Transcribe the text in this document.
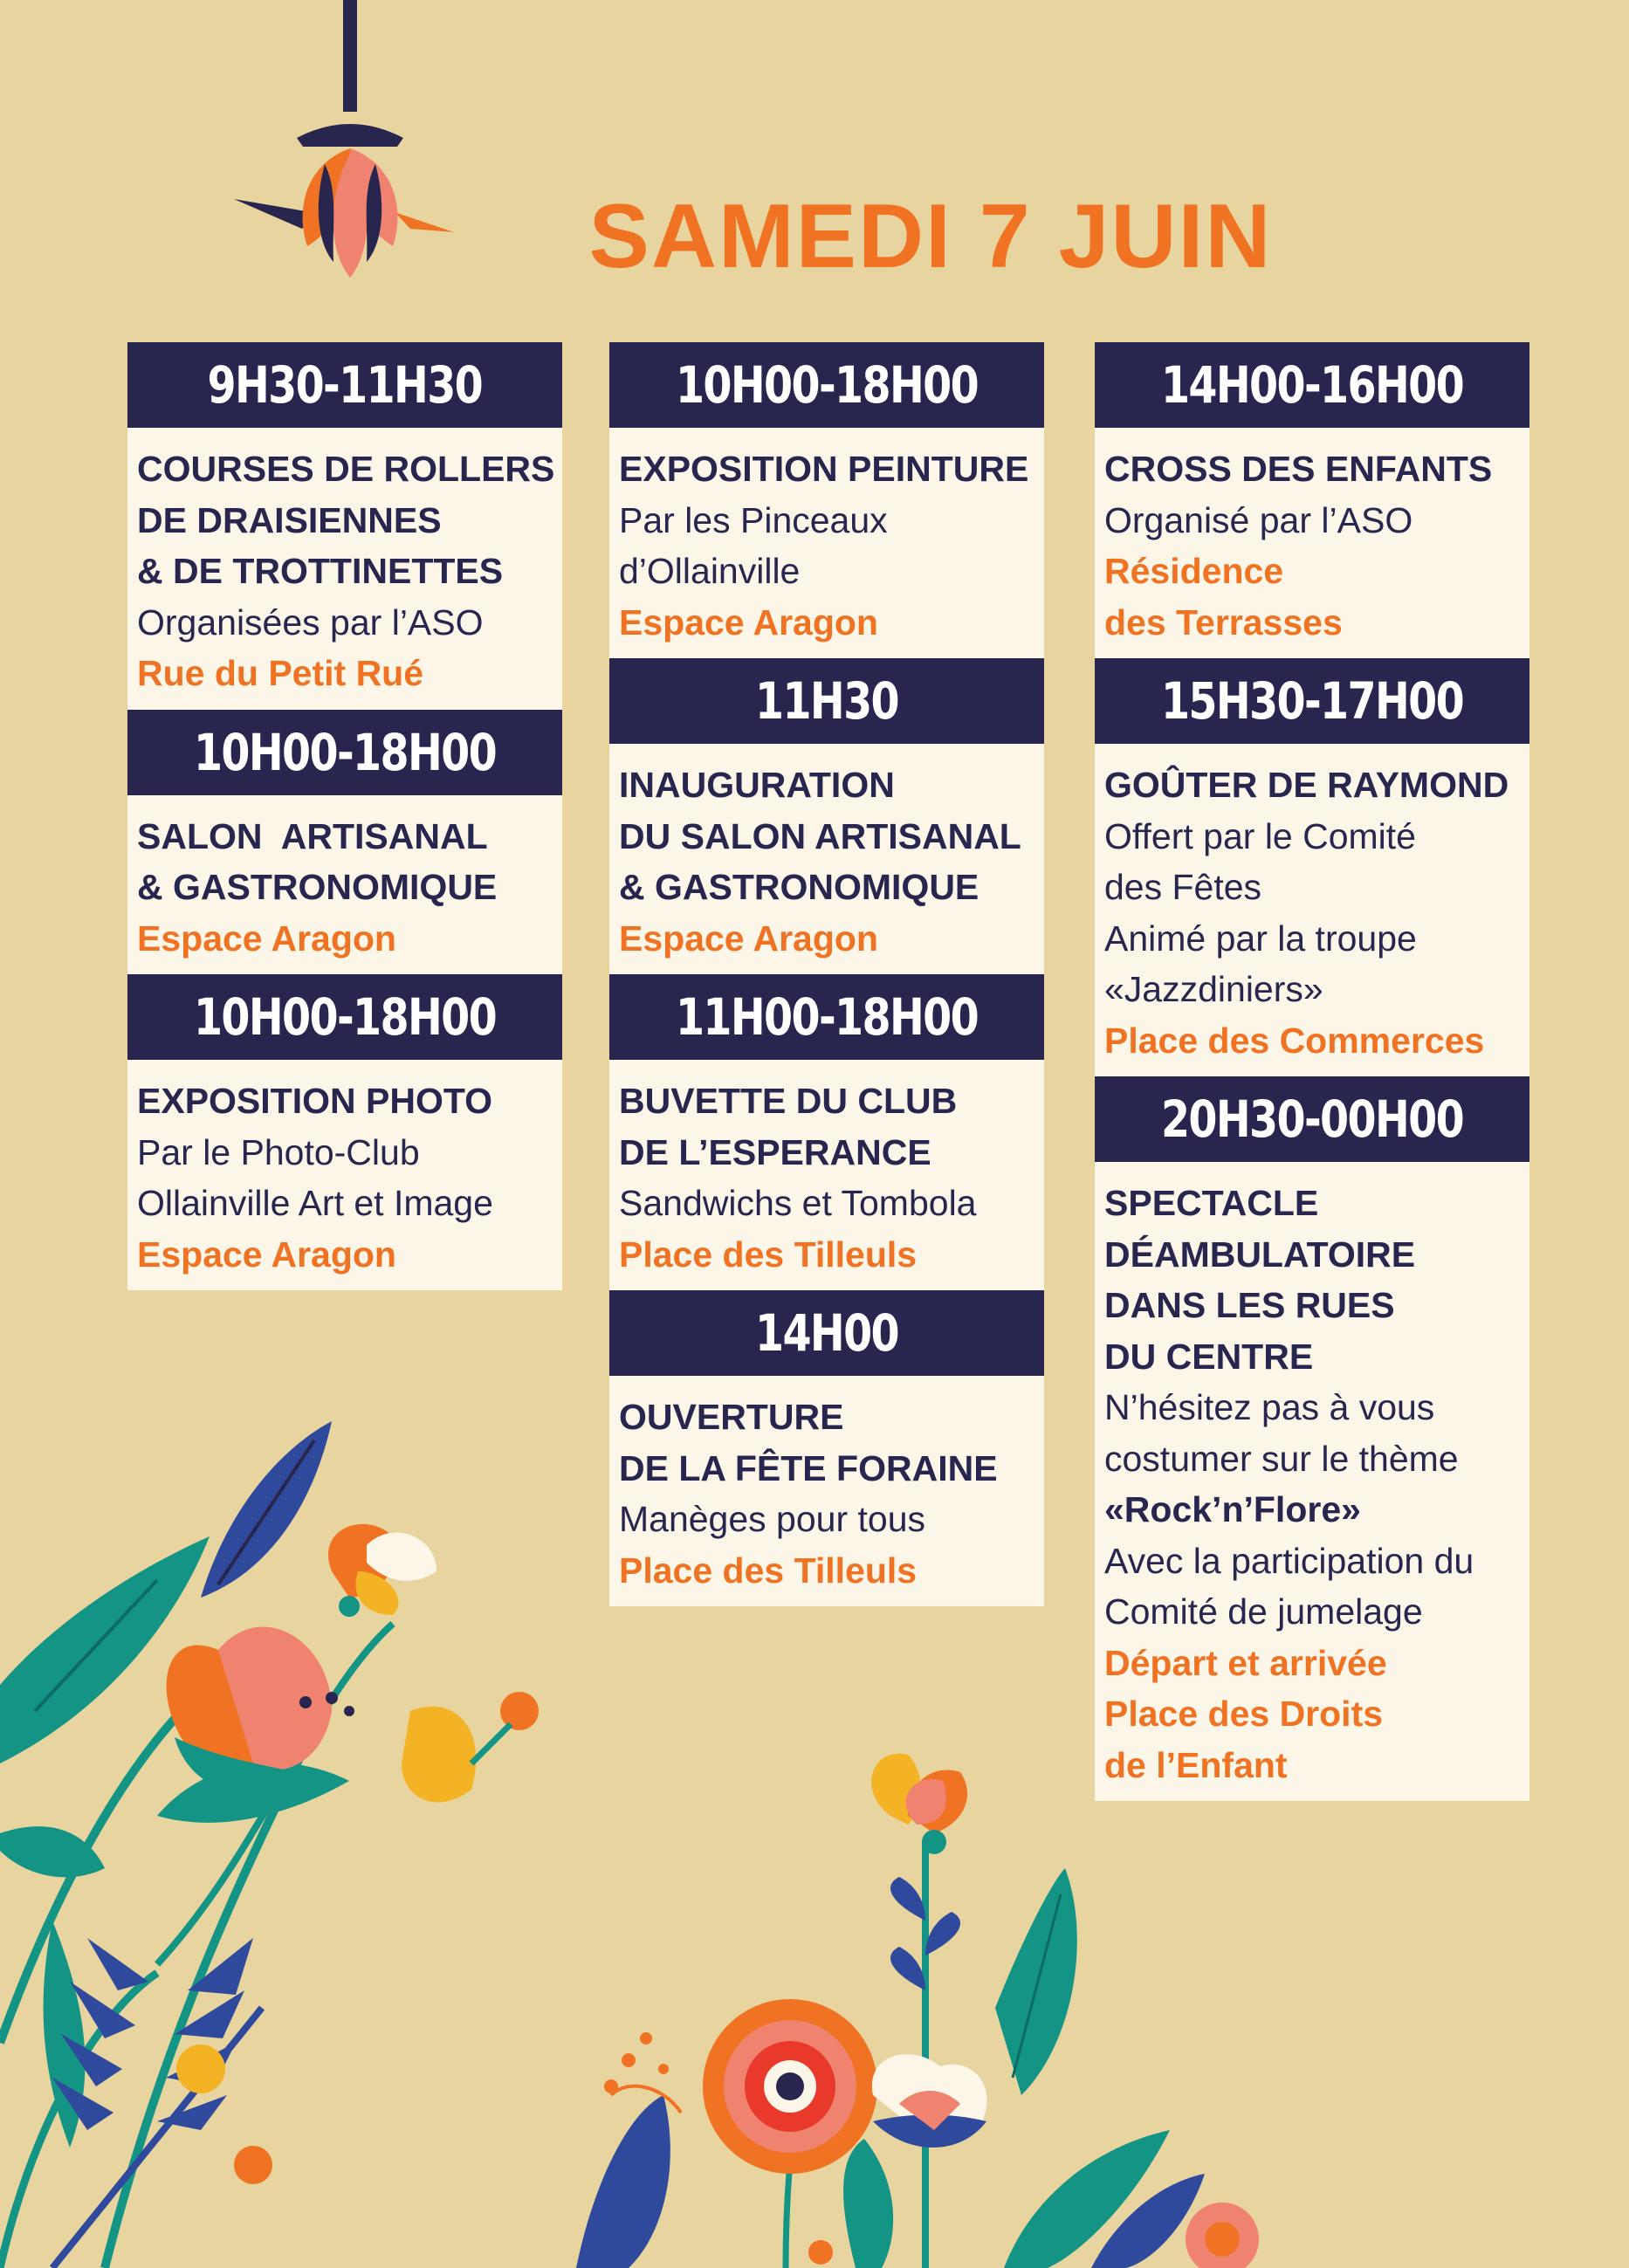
SAMEDI 7 JUIN
9H30-11H30
COURSES DE ROLLERS
DE DRAISIENNES
& DE TROTTINETTES
Organisées par l’ASO
Rue du Petit Rué
10H00-18H00
SALON  ARTISANAL
& GASTRONOMIQUE
Espace Aragon
10H00-18H00
EXPOSITION PHOTO
Par le Photo-Club
Ollainville Art et Image
Espace Aragon
10H00-18H00
EXPOSITION PEINTURE
Par les Pinceaux
d’Ollainville
Espace Aragon
11H30
INAUGURATION
DU SALON ARTISANAL
& GASTRONOMIQUE
Espace Aragon
11H00-18H00
BUVETTE DU CLUB
DE L’ESPERANCE
Sandwichs et Tombola
Place des Tilleuls
14H00
OUVERTURE
DE LA FÊTE FORAINE
Manèges pour tous
Place des Tilleuls
14H00-16H00
CROSS DES ENFANTS
Organisé par l’ASO
Résidence
des Terrasses
15H30-17H00
GOÛTER DE RAYMOND
Offert par le Comité
des Fêtes
Animé par la troupe
«Jazzdiniers»
Place des Commerces
20H30-00H00
SPECTACLE
DÉAMBULATOIRE
DANS LES RUES
DU CENTRE
N’hésitez pas à vous
costumer sur le thème
«Rock’n’Flore»
Avec la participation du
Comité de jumelage
Départ et arrivée
Place des Droits
de l’Enfant
